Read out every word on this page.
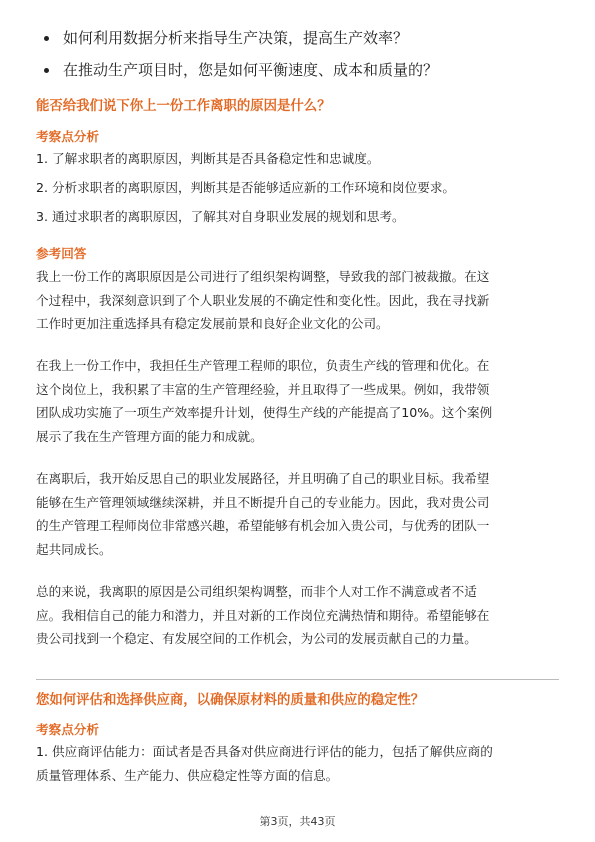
如何利用数据分析来指导生产决策，提高生产效率？
在推动生产项目时，您是如何平衡速度、成本和质量的？
能否给我们说下你上一份工作离职的原因是什么？
考察点分析
1. 了解求职者的离职原因，判断其是否具备稳定性和忠诚度。
2. 分析求职者的离职原因，判断其是否能够适应新的工作环境和岗位要求。
3. 通过求职者的离职原因，了解其对自身职业发展的规划和思考。
参考回答
我上一份工作的离职原因是公司进行了组织架构调整，导致我的部门被裁撤。在这
个过程中，我深刻意识到了个人职业发展的不确定性和变化性。因此，我在寻找新
工作时更加注重选择具有稳定发展前景和良好企业文化的公司。
在我上一份工作中，我担任生产管理工程师的职位，负责生产线的管理和优化。在
这个岗位上，我积累了丰富的生产管理经验，并且取得了一些成果。例如，我带领
团队成功实施了一项生产效率提升计划，使得生产线的产能提高了10%。这个案例
展示了我在生产管理方面的能力和成就。
在离职后，我开始反思自己的职业发展路径，并且明确了自己的职业目标。我希望
能够在生产管理领域继续深耕，并且不断提升自己的专业能力。因此，我对贵公司
的生产管理工程师岗位非常感兴趣，希望能够有机会加入贵公司，与优秀的团队一
起共同成长。
总的来说，我离职的原因是公司组织架构调整，而非个人对工作不满意或者不适
应。我相信自己的能力和潜力，并且对新的工作岗位充满热情和期待。希望能够在
贵公司找到一个稳定、有发展空间的工作机会，为公司的发展贡献自己的力量。
您如何评估和选择供应商，以确保原材料的质量和供应的稳定性？
考察点分析
1. 供应商评估能力：面试者是否具备对供应商进行评估的能力，包括了解供应商的
质量管理体系、生产能力、供应稳定性等方面的信息。
第3页，共43页
